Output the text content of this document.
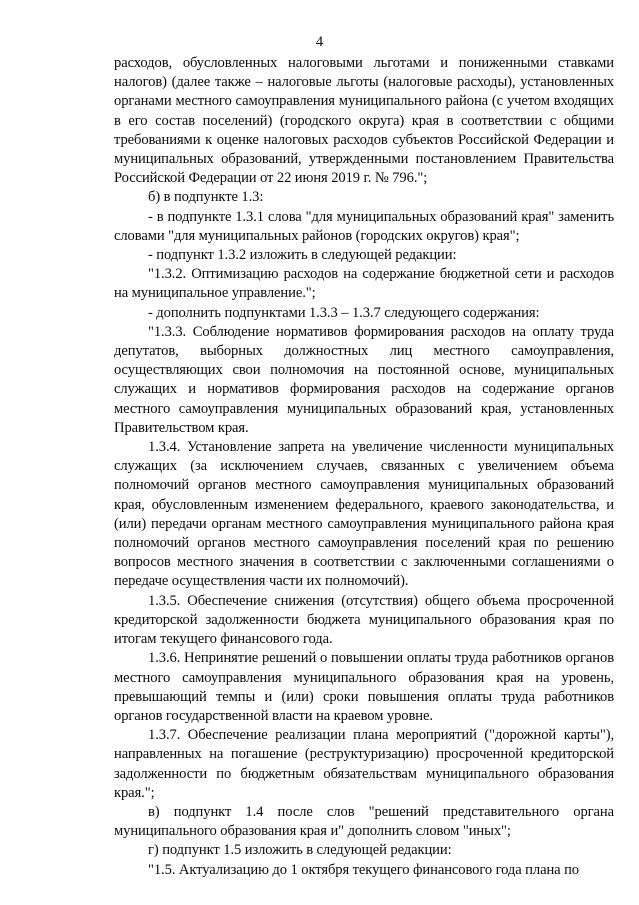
4

расходов, обусловленных налоговыми льготами и пониженными ставками налогов) (далее также – налоговые льготы (налоговые расходы), установленных органами местного самоуправления муниципального района (с учетом входящих в его состав поселений) (городского округа) края в соответствии с общими требованиями к оценке налоговых расходов субъектов Российской Федерации и муниципальных образований, утвержденными постановлением Правительства Российской Федерации от 22 июня 2019 г. № 796.";

б) в подпункте 1.3:

- в подпункте 1.3.1 слова "для муниципальных образований края" заменить словами "для муниципальных районов (городских округов) края";

- подпункт 1.3.2 изложить в следующей редакции:

"1.3.2. Оптимизацию расходов на содержание бюджетной сети и расходов на муниципальное управление.";

- дополнить подпунктами 1.3.3 – 1.3.7 следующего содержания:

"1.3.3. Соблюдение нормативов формирования расходов на оплату труда депутатов, выборных должностных лиц местного самоуправления, осуществляющих свои полномочия на постоянной основе, муниципальных служащих и нормативов формирования расходов на содержание органов местного самоуправления муниципальных образований края, установленных Правительством края.

1.3.4. Установление запрета на увеличение численности муниципальных служащих (за исключением случаев, связанных с увеличением объема полномочий органов местного самоуправления муниципальных образований края, обусловленным изменением федерального, краевого законодательства, и (или) передачи органам местного самоуправления муниципального района края полномочий органов местного самоуправления поселений края по решению вопросов местного значения в соответствии с заключенными соглашениями о передаче осуществления части их полномочий).

1.3.5. Обеспечение снижения (отсутствия) общего объема просроченной кредиторской задолженности бюджета муниципального образования края по итогам текущего финансового года.

1.3.6. Непринятие решений о повышении оплаты труда работников органов местного самоуправления муниципального образования края на уровень, превышающий темпы и (или) сроки повышения оплаты труда работников органов государственной власти на краевом уровне.

1.3.7. Обеспечение реализации плана мероприятий ("дорожной карты"), направленных на погашение (реструктуризацию) просроченной кредиторской задолженности по бюджетным обязательствам муниципального образования края.";

в) подпункт 1.4 после слов "решений представительного органа муниципального образования края и" дополнить словом "иных";

г) подпункт 1.5 изложить в следующей редакции:

"1.5. Актуализацию до 1 октября текущего финансового года плана по
